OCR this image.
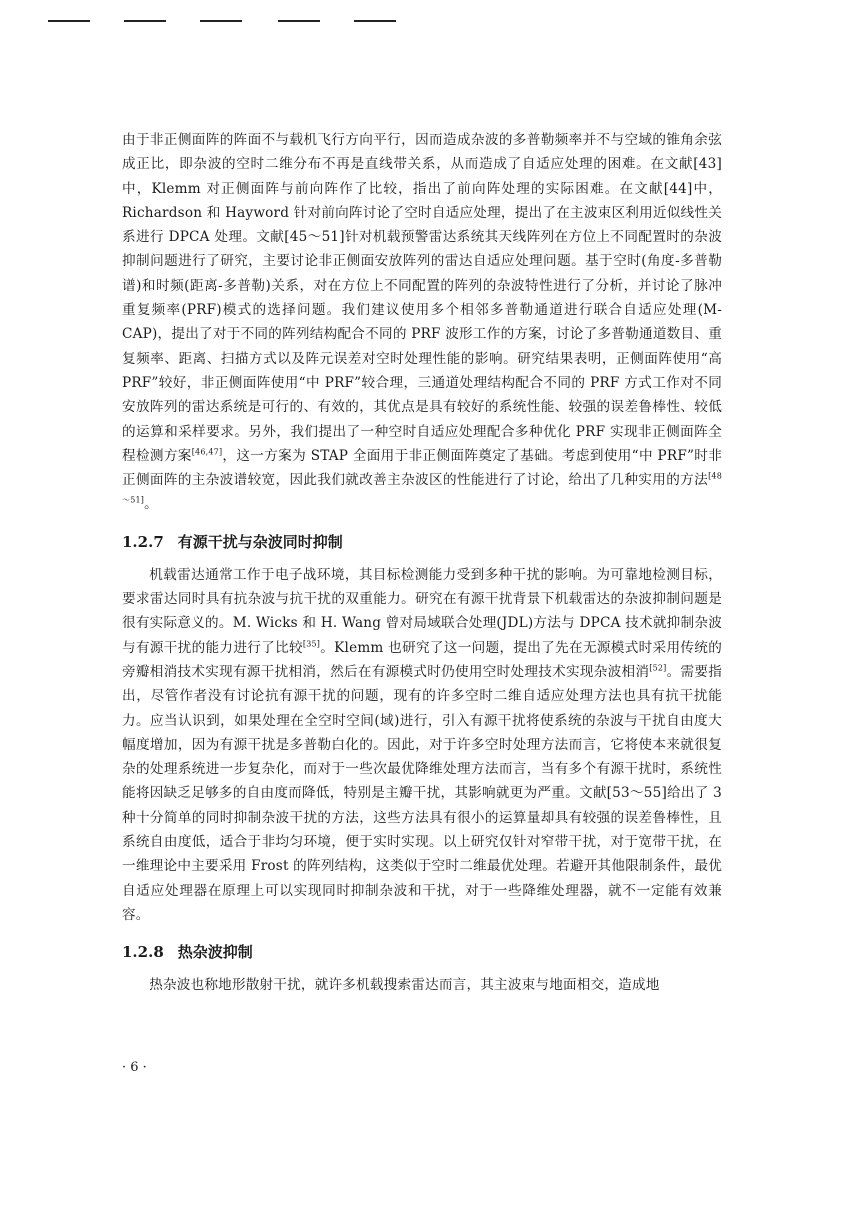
由于非正侧面阵的阵面不与载机飞行方向平行，因而造成杂波的多普勒频率并不与空域的锥角余弦成正比，即杂波的空时二维分布不再是直线带关系，从而造成了自适应处理的困难。在文献[43]中，Klemm 对正侧面阵与前向阵作了比较，指出了前向阵处理的实际困难。在文献[44]中，Richardson 和 Hayword 针对前向阵讨论了空时自适应处理，提出了在主波束区利用近似线性关系进行 DPCA 处理。文献[45～51]针对机载预警雷达系统其天线阵列在方位上不同配置时的杂波抑制问题进行了研究，主要讨论非正侧面安放阵列的雷达自适应处理问题。基于空时(角度-多普勒谱)和时频(距离-多普勒)关系，对在方位上不同配置的阵列的杂波特性进行了分析，并讨论了脉冲重复频率(PRF)模式的选择问题。我们建议使用多个相邻多普勒通道进行联合自适应处理(M-CAP)，提出了对于不同的阵列结构配合不同的 PRF 波形工作的方案，讨论了多普勒通道数目、重复频率、距离、扫描方式以及阵元误差对空时处理性能的影响。研究结果表明，正侧面阵使用“高 PRF”较好，非正侧面阵使用“中 PRF”较合理，三通道处理结构配合不同的 PRF 方式工作对不同安放阵列的雷达系统是可行的、有效的，其优点是具有较好的系统性能、较强的误差鲁棒性、较低的运算和采样要求。另外，我们提出了一种空时自适应处理配合多种优化 PRF 实现非正侧面阵全程检测方案[46,47]，这一方案为 STAP 全面用于非正侧面阵奠定了基础。考虑到使用“中 PRF”时非正侧面阵的主杂波谱较宽，因此我们就改善主杂波区的性能进行了讨论，给出了几种实用的方法[48～51]。

1.2.7 有源干扰与杂波同时抑制

机载雷达通常工作于电子战环境，其目标检测能力受到多种干扰的影响。为可靠地检测目标，要求雷达同时具有抗杂波与抗干扰的双重能力。研究在有源干扰背景下机载雷达的杂波抑制问题是很有实际意义的。M. Wicks 和 H. Wang 曾对局域联合处理(JDL)方法与 DPCA 技术就抑制杂波与有源干扰的能力进行了比较[35]。Klemm 也研究了这一问题，提出了先在无源模式时采用传统的旁瓣相消技术实现有源干扰相消，然后在有源模式时仍使用空时处理技术实现杂波相消[52]。需要指出，尽管作者没有讨论抗有源干扰的问题，现有的许多空时二维自适应处理方法也具有抗干扰能力。应当认识到，如果处理在全空时空间(域)进行，引入有源干扰将使系统的杂波与干扰自由度大幅度增加，因为有源干扰是多普勒白化的。因此，对于许多空时处理方法而言，它将使本来就很复杂的处理系统进一步复杂化，而对于一些次最优降维处理方法而言，当有多个有源干扰时，系统性能将因缺乏足够多的自由度而降低，特别是主瓣干扰，其影响就更为严重。文献[53～55]给出了 3 种十分简单的同时抑制杂波干扰的方法，这些方法具有很小的运算量却具有较强的误差鲁棒性，且系统自由度低，适合于非均匀环境，便于实时实现。以上研究仅针对窄带干扰，对于宽带干扰，在一维理论中主要采用 Frost 的阵列结构，这类似于空时二维最优处理。若避开其他限制条件，最优自适应处理器在原理上可以实现同时抑制杂波和干扰，对于一些降维处理器，就不一定能有效兼容。

1.2.8 热杂波抑制

热杂波也称地形散射干扰，就许多机载搜索雷达而言，其主波束与地面相交，造成地

· 6 ·
